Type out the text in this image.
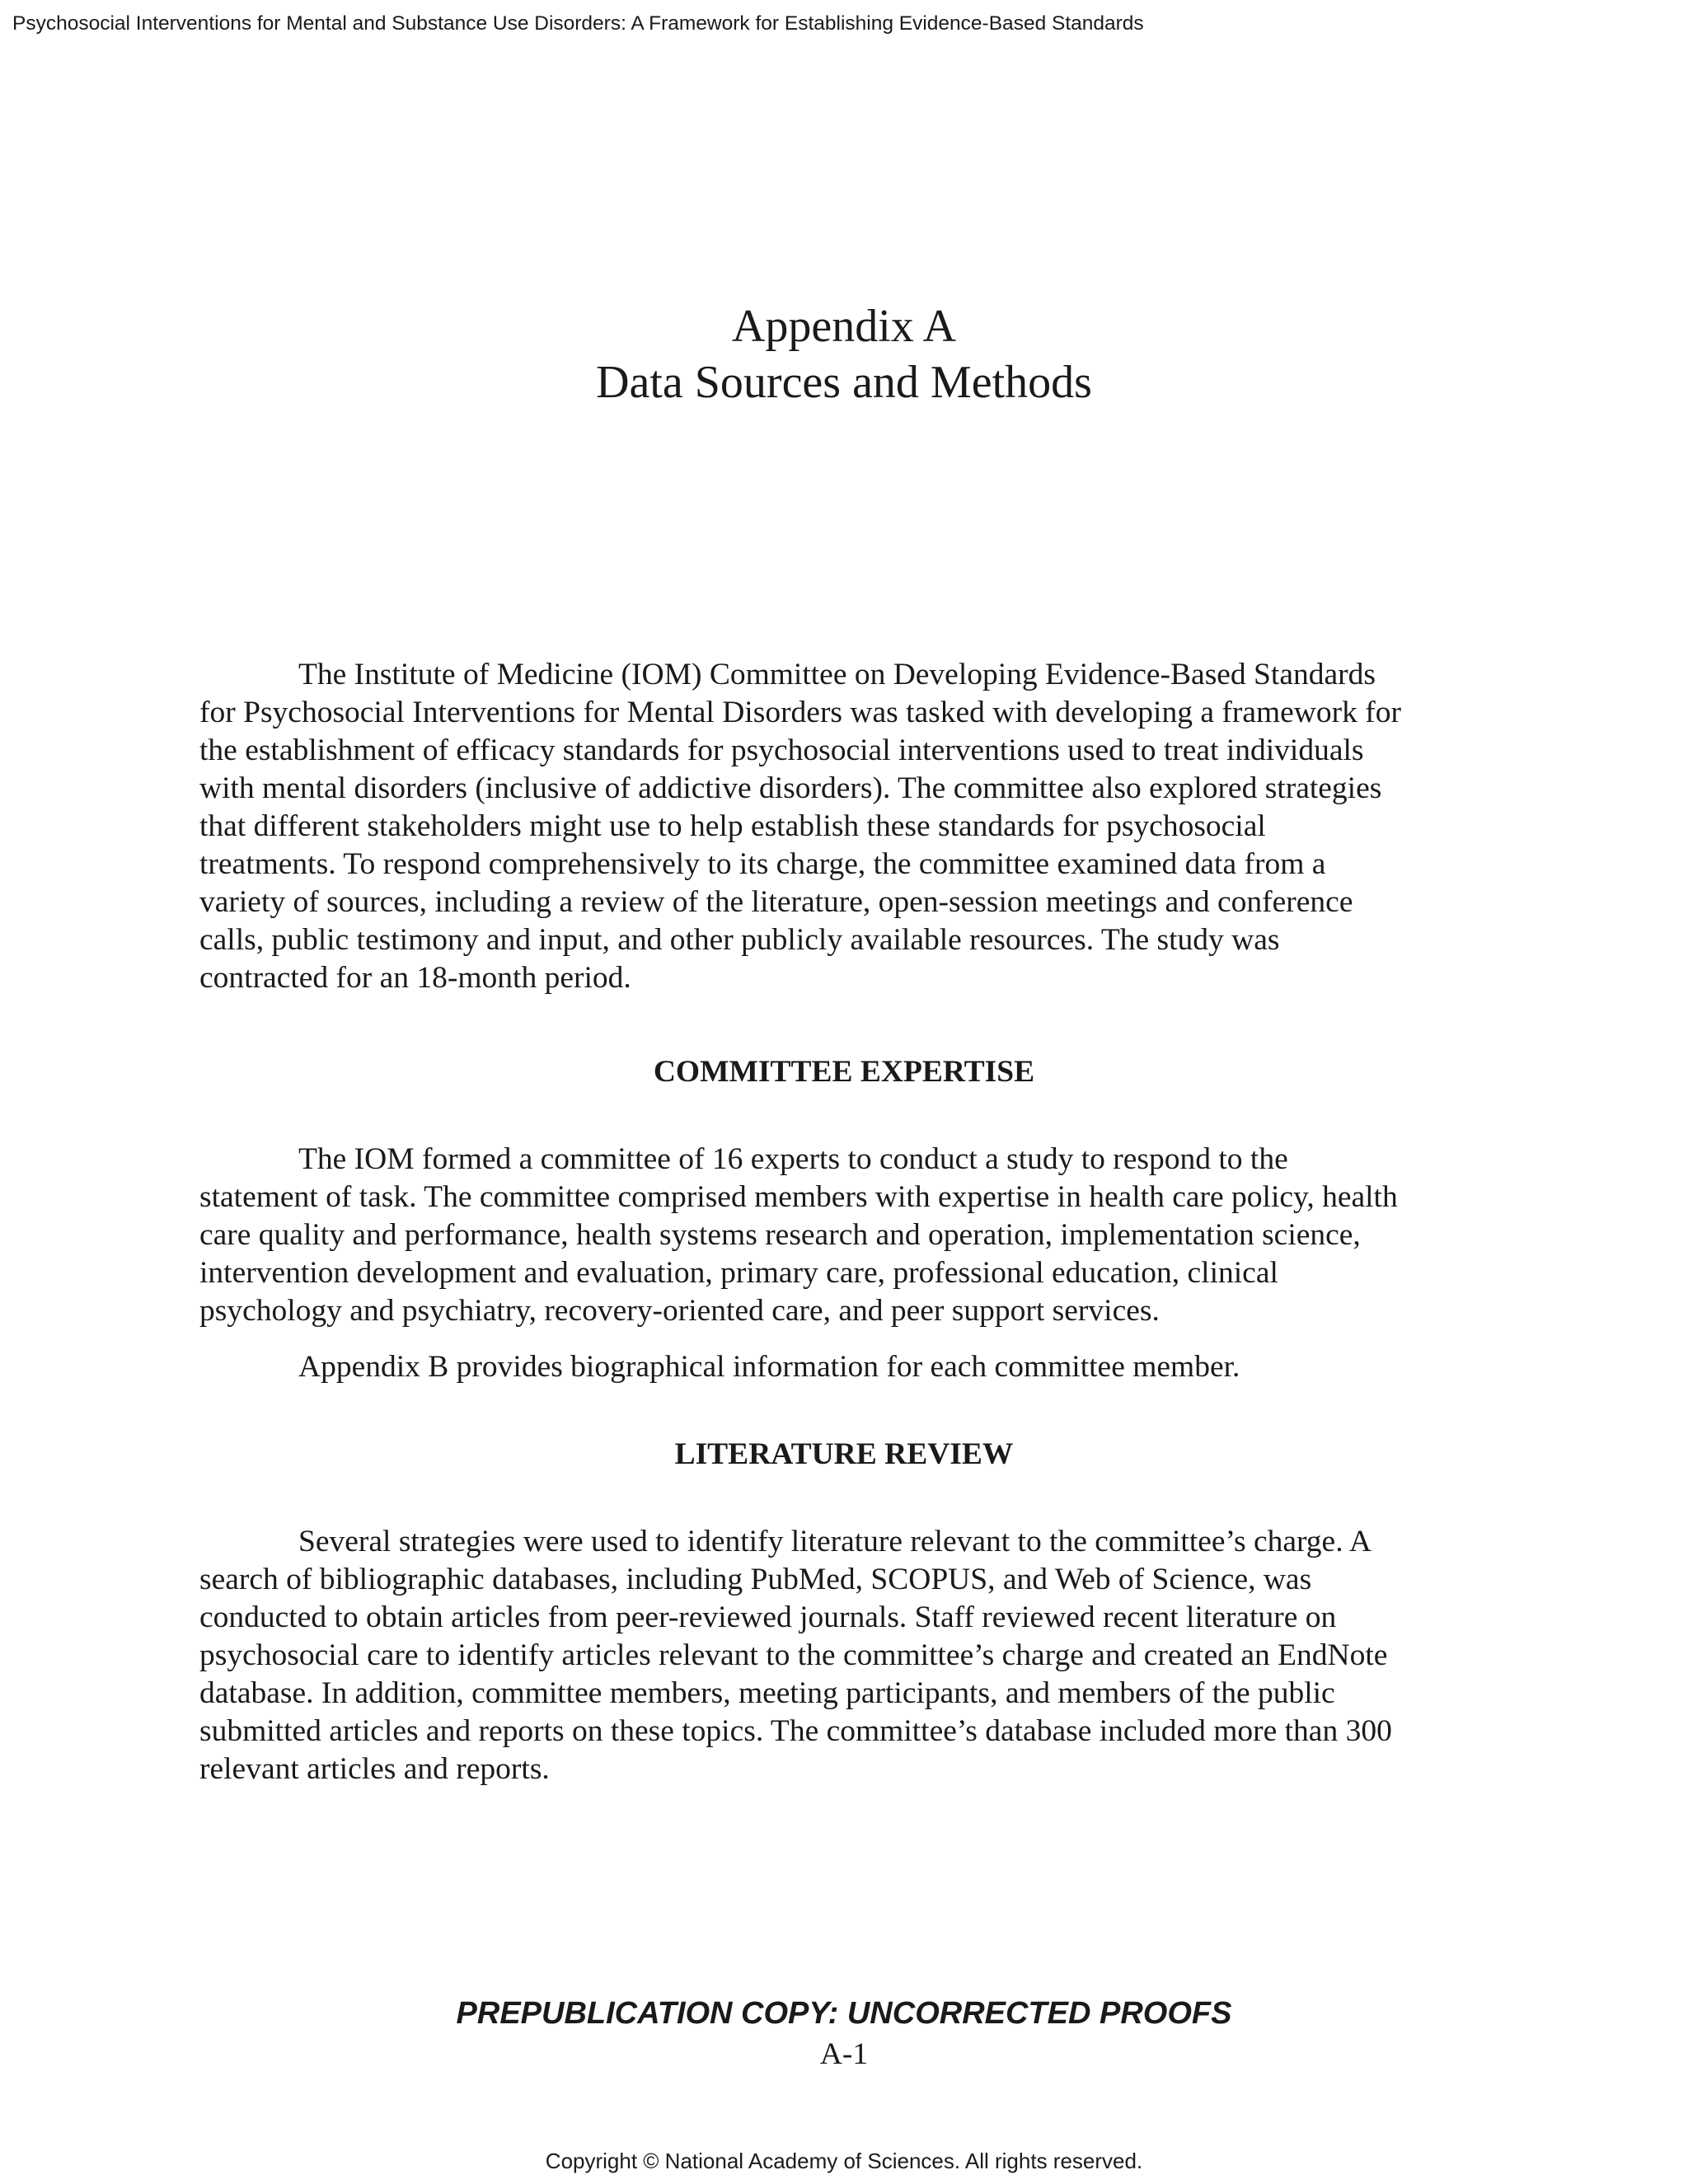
Psychosocial Interventions for Mental and Substance Use Disorders: A Framework for Establishing Evidence-Based Standards
Appendix A
Data Sources and Methods

The Institute of Medicine (IOM) Committee on Developing Evidence-Based Standards
for Psychosocial Interventions for Mental Disorders was tasked with developing a framework for
the establishment of efficacy standards for psychosocial interventions used to treat individuals
with mental disorders (inclusive of addictive disorders). The committee also explored strategies
that different stakeholders might use to help establish these standards for psychosocial
treatments. To respond comprehensively to its charge, the committee examined data from a
variety of sources, including a review of the literature, open-session meetings and conference
calls, public testimony and input, and other publicly available resources. The study was
contracted for an 18-month period.

COMMITTEE EXPERTISE

The IOM formed a committee of 16 experts to conduct a study to respond to the
statement of task. The committee comprised members with expertise in health care policy, health
care quality and performance, health systems research and operation, implementation science,
intervention development and evaluation, primary care, professional education, clinical
psychology and psychiatry, recovery-oriented care, and peer support services.

Appendix B provides biographical information for each committee member.

LITERATURE REVIEW

Several strategies were used to identify literature relevant to the committee’s charge. A
search of bibliographic databases, including PubMed, SCOPUS, and Web of Science, was
conducted to obtain articles from peer-reviewed journals. Staff reviewed recent literature on
psychosocial care to identify articles relevant to the committee’s charge and created an EndNote
database. In addition, committee members, meeting participants, and members of the public
submitted articles and reports on these topics. The committee’s database included more than 300
relevant articles and reports.

PREPUBLICATION COPY: UNCORRECTED PROOFS
A-1
Copyright © National Academy of Sciences. All rights reserved.
